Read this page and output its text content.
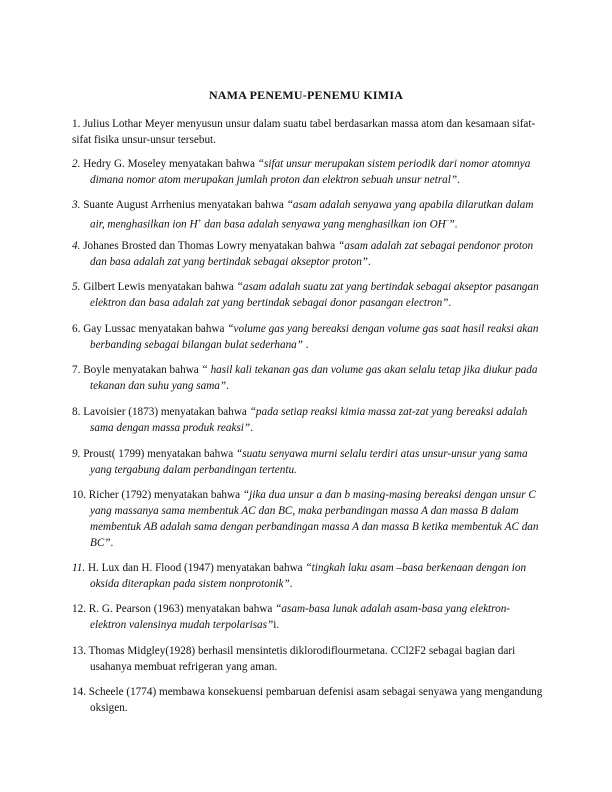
NAMA PENEMU-PENEMU KIMIA

1. Julius Lothar Meyer menyusun unsur dalam suatu tabel berdasarkan massa atom dan kesamaan sifat-sifat fisika unsur-unsur tersebut.

2. Hedry G. Moseley menyatakan bahwa “sifat unsur merupakan sistem periodik dari nomor atomnya dimana nomor atom merupakan jumlah proton dan elektron sebuah unsur netral”.

3. Suante August Arrhenius menyatakan bahwa “asam adalah senyawa yang apabila dilarutkan dalam air, menghasilkan ion H+ dan basa adalah senyawa yang menghasilkan ion OH−”.

4. Johanes Brosted dan Thomas Lowry menyatakan bahwa “asam adalah zat sebagai pendonor proton dan basa adalah zat yang bertindak sebagai akseptor proton”.

5. Gilbert Lewis menyatakan bahwa “asam adalah suatu zat yang bertindak sebagai akseptor pasangan elektron dan basa adalah zat yang bertindak sebagai donor pasangan electron”.

6. Gay Lussac menyatakan bahwa “volume gas yang bereaksi dengan volume gas saat hasil reaksi akan berbanding sebagai bilangan bulat sederhana” .

7. Boyle menyatakan bahwa “ hasil kali tekanan gas dan volume gas akan selalu tetap jika diukur pada tekanan dan suhu yang sama”.

8. Lavoisier (1873) menyatakan bahwa “pada setiap reaksi kimia massa zat-zat yang bereaksi adalah sama dengan massa produk reaksi”.

9. Proust( 1799) menyatakan bahwa “suatu senyawa murni selalu terdiri atas unsur-unsur yang sama yang tergabung dalam perbandingan tertentu.

10. Richer (1792) menyatakan bahwa “jika dua unsur a dan b masing-masing bereaksi dengan unsur C yang massanya sama membentuk AC dan BC, maka perbandingan massa A dan massa B dalam membentuk AB adalah sama dengan perbandingan massa A dan massa B ketika membentuk AC dan BC”.

11. H. Lux dan H. Flood (1947) menyatakan bahwa “tingkah laku asam –basa berkenaan dengan ion oksida diterapkan pada sistem nonprotonik”.

12. R. G. Pearson (1963) menyatakan bahwa “asam-basa lunak adalah asam-basa yang elektron- elektron valensinya mudah terpolarisas”i.

13. Thomas Midgley(1928) berhasil mensintetis diklorodiflourmetana. CCl2F2 sebagai bagian dari usahanya membuat refrigeran yang aman.

14. Scheele (1774) membawa konsekuensi pembaruan defenisi asam sebagai senyawa yang mengandung oksigen.
